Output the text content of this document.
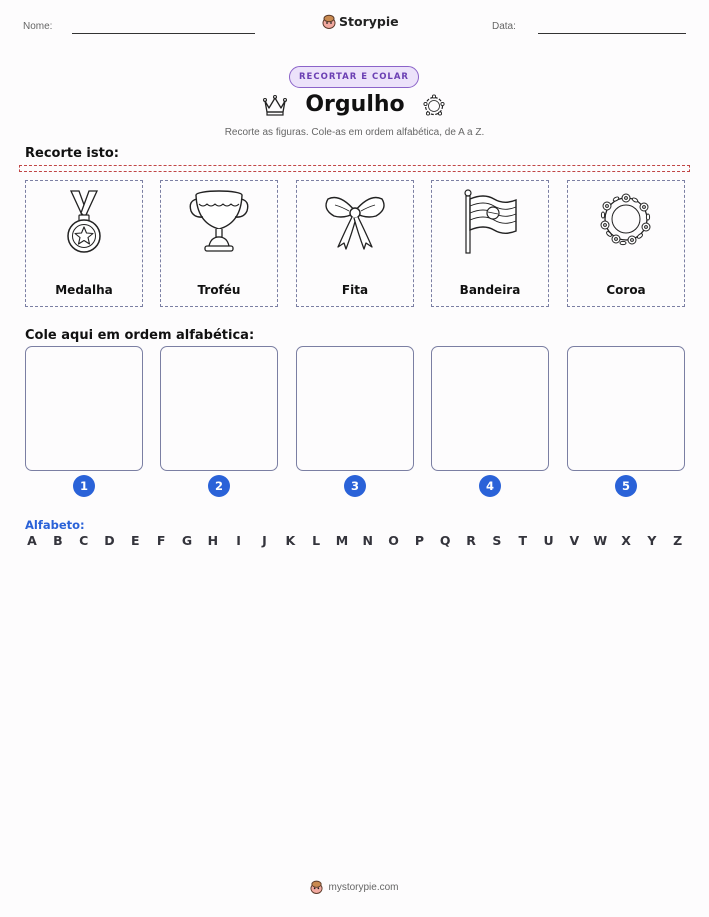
Nome:	Storypie	Data:
RECORTAR E COLAR
Orgulho
Recorte as figuras. Cole-as em ordem alfabética, de A a Z.
Recorte isto:
Medalha	Troféu	Fita	Bandeira	Coroa
Cole aqui em ordem alfabética:
1	2	3	4	5
Alfabeto:
A B C D E F G H	I	J	K L M N O P Q R S T U V W X Y Z
mystorypie.com
